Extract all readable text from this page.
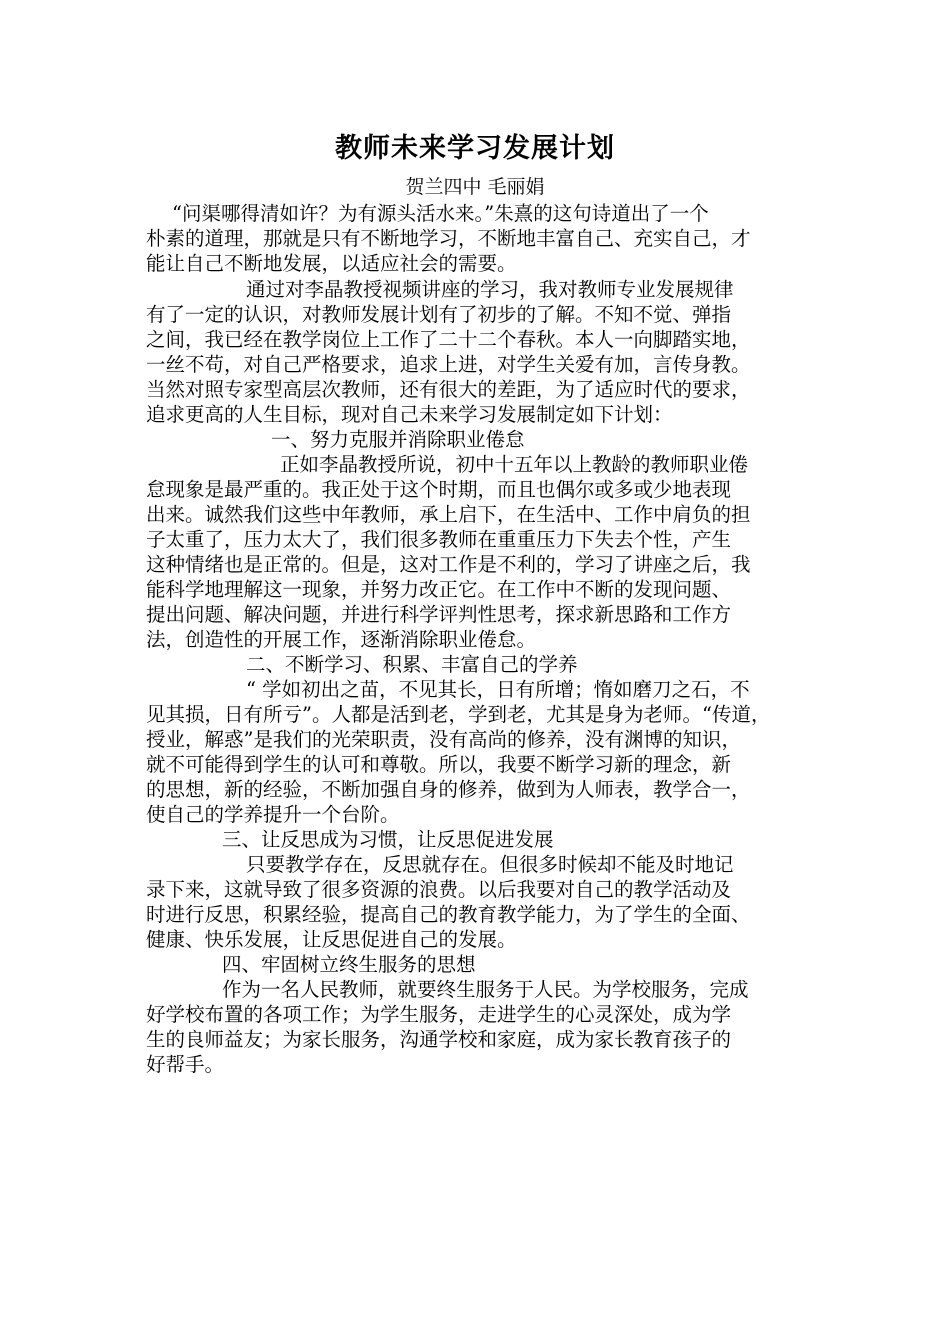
教师未来学习发展计划
贺兰四中 毛丽娟
“问渠哪得清如许？为有源头活水来。”朱熹的这句诗道出了一个
朴素的道理，那就是只有不断地学习，不断地丰富自己、充实自己，才
能让自己不断地发展，以适应社会的需要。
通过对李晶教授视频讲座的学习，我对教师专业发展规律
有了一定的认识，对教师发展计划有了初步的了解。不知不觉、弹指
之间，我已经在教学岗位上工作了二十二个春秋。本人一向脚踏实地，
一丝不苟，对自己严格要求，追求上进，对学生关爱有加，言传身教。
当然对照专家型高层次教师，还有很大的差距，为了适应时代的要求，
追求更高的人生目标，现对自己未来学习发展制定如下计划：
一、努力克服并消除职业倦怠
正如李晶教授所说，初中十五年以上教龄的教师职业倦
怠现象是最严重的。我正处于这个时期，而且也偶尔或多或少地表现
出来。诚然我们这些中年教师，承上启下，在生活中、工作中肩负的担
子太重了，压力太大了，我们很多教师在重重压力下失去个性，产生
这种情绪也是正常的。但是，这对工作是不利的，学习了讲座之后，我
能科学地理解这一现象，并努力改正它。在工作中不断的发现问题、
提出问题、解决问题，并进行科学评判性思考，探求新思路和工作方
法，创造性的开展工作，逐渐消除职业倦怠。
二、不断学习、积累、丰富自己的学养
“ 学如初出之苗，不见其长，日有所增；惰如磨刀之石，不
见其损，日有所亏”。人都是活到老，学到老，尤其是身为老师。“传道，
授业，解惑”是我们的光荣职责，没有高尚的修养，没有渊博的知识，
就不可能得到学生的认可和尊敬。所以，我要不断学习新的理念，新
的思想，新的经验，不断加强自身的修养，做到为人师表，教学合一，
使自己的学养提升一个台阶。
三、让反思成为习惯，让反思促进发展
只要教学存在，反思就存在。但很多时候却不能及时地记
录下来，这就导致了很多资源的浪费。以后我要对自己的教学活动及
时进行反思，积累经验，提高自己的教育教学能力，为了学生的全面、
健康、快乐发展，让反思促进自己的发展。
四、牢固树立终生服务的思想
作为一名人民教师，就要终生服务于人民。为学校服务，完成
好学校布置的各项工作；为学生服务，走进学生的心灵深处，成为学
生的良师益友；为家长服务，沟通学校和家庭，成为家长教育孩子的
好帮手。
